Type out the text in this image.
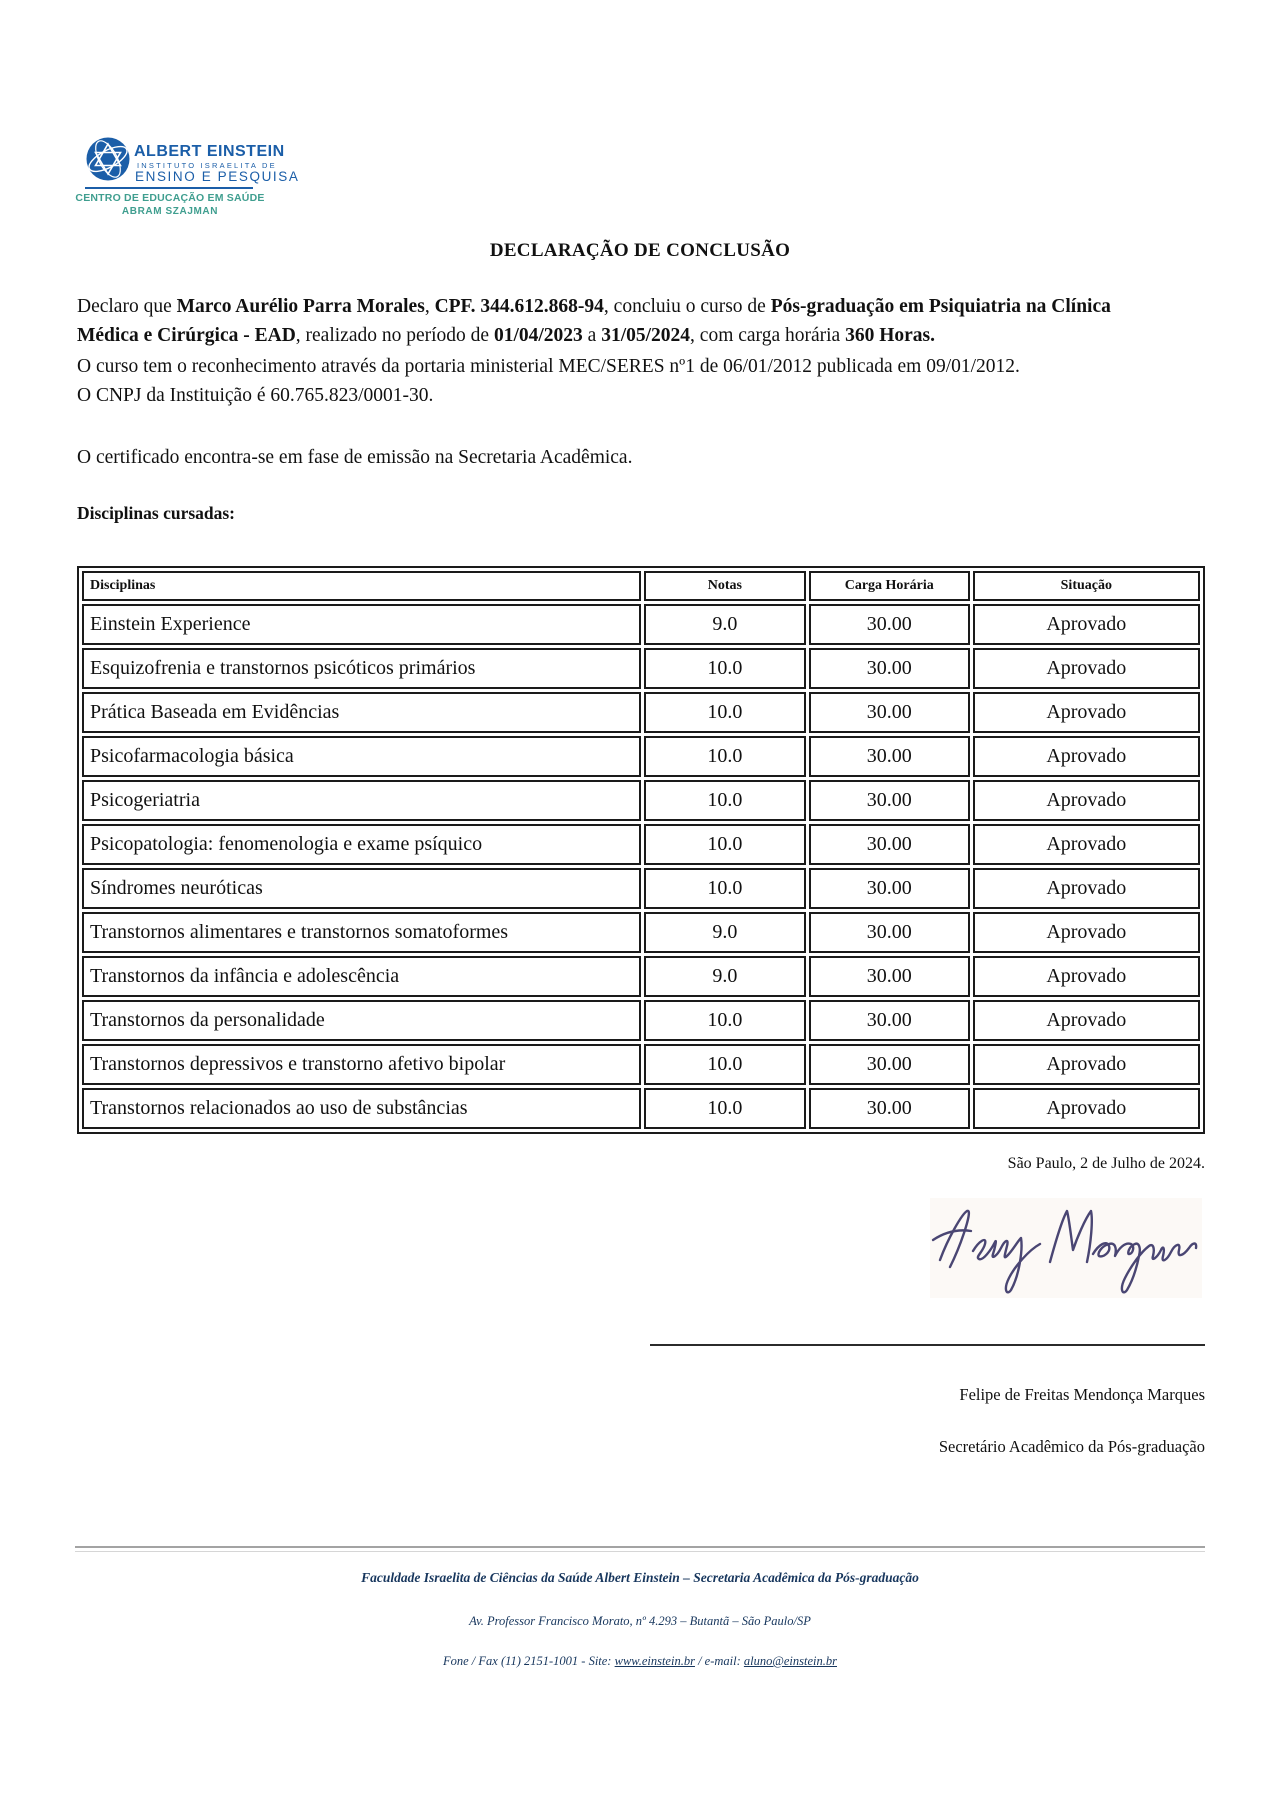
ALBERT EINSTEIN
INSTITUTO ISRAELITA DE
ENSINO E PESQUISA
CENTRO DE EDUCAÇÃO EM SAÚDE
ABRAM SZAJMAN
DECLARAÇÃO DE CONCLUSÃO
Declaro que Marco Aurélio Parra Morales, CPF. 344.612.868-94, concluiu o curso de Pós-graduação em Psiquiatria na Clínica
Médica e Cirúrgica - EAD, realizado no período de 01/04/2023 a 31/05/2024, com carga horária 360 Horas.
O curso tem o reconhecimento através da portaria ministerial MEC/SERES nº1 de 06/01/2012 publicada em 09/01/2012.
O CNPJ da Instituição é 60.765.823/0001-30.
O certificado encontra-se em fase de emissão na Secretaria Acadêmica.
Disciplinas cursadas:
Disciplinas	Notas	Carga Horária	Situação
Einstein Experience	9.0	30.00	Aprovado
Esquizofrenia e transtornos psicóticos primários	10.0	30.00	Aprovado
Prática Baseada em Evidências	10.0	30.00	Aprovado
Psicofarmacologia básica	10.0	30.00	Aprovado
Psicogeriatria	10.0	30.00	Aprovado
Psicopatologia: fenomenologia e exame psíquico	10.0	30.00	Aprovado
Síndromes neuróticas	10.0	30.00	Aprovado
Transtornos alimentares e transtornos somatoformes	9.0	30.00	Aprovado
Transtornos da infância e adolescência	9.0	30.00	Aprovado
Transtornos da personalidade	10.0	30.00	Aprovado
Transtornos depressivos e transtorno afetivo bipolar	10.0	30.00	Aprovado
Transtornos relacionados ao uso de substâncias	10.0	30.00	Aprovado
São Paulo, 2 de Julho de 2024.
Felipe de Freitas Mendonça Marques
Secretário Acadêmico da Pós-graduação
Faculdade Israelita de Ciências da Saúde Albert Einstein – Secretaria Acadêmica da Pós-graduação
Av. Professor Francisco Morato, nº 4.293 – Butantã – São Paulo/SP
Fone / Fax (11) 2151-1001 - Site: www.einstein.br / e-mail: aluno@einstein.br
